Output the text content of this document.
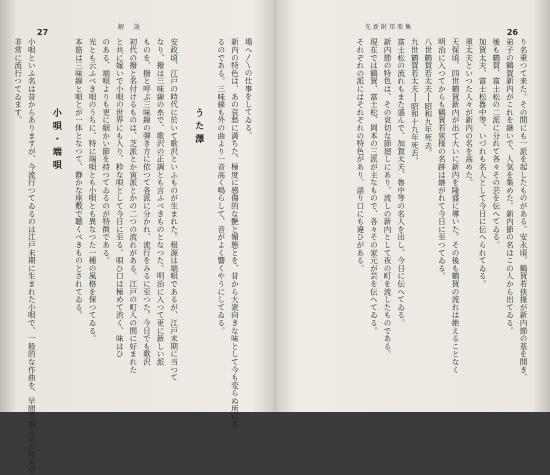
27
解　説
場へ〳〵の仕事をしてゐる。
新内の特色は、あの哀愁に満ちた、極度に感傷的な艶と媚態とを、昔から大衆向きな味として今も変らぬ所にあ
るのである。三味線も外の曲より一音高く鳴らして、音がよく響くやうにしてゐる。
うた澤
安政頃、江戸の時代に於いて歌沢といふものが生まれた。根源は端唄であるが、江戸末期に当つて
なり、撥は三味線の糸で、歌沢の正調とも言ふべきものとなつた。明治に入つて更に新しい派
ものを、撥と呼ぶ三味線の弾き方に依つて各派に分かれ、流行をみるに至つた。今日でも歌沢
初代の撥と名付けるものは、芝派とか寅派とかの二つの流れがある。江戸の町人の間に好まれた
と共に嫁いで小唄の世界にも入り、粋な唄として今日に至る。唄ひ口は極めて渋く、味はひ
のある、端唄よりも更に細かい節を持つてゐるのが特徴である。
光とも云ふべき唄のうちに、特に端唄とも小唄とも異なつた一種の風格を保つてゐる。
本筋は三味線と唄とが一体となつて、静かな座敷で聴くべきものとされてゐる。
小唄・端唄
小唄といふ名は昔からありますが、今流行つてゐるのは江戸末期に生まれた小唄で、一般的な作曲を、早間で唄ふのが特色で
非常に流行つてゐます。
26
先新附邦楽集
り名乗つて来た。その間にも一派を起したものがある。安永頃、鶴賀若狭掾が新内節の基を開き、
弟子の鶴賀新内がこれを継いで、人気を集めた。新内節の名はこの人から出てゐる。
後も鶴賀、富士松の二派に分れて各々その芸を伝へてゐる。
加賀太夫、富士松魯中等、いづれも名人として今日に伝へられてゐる。
重太夫といつた人々が新内の名を高めた。
天保頃、四世鶴賀新内が出て大いに新内を隆盛に導いた。その後も鶴賀の流れは絶えることなく
明治に入つてからも鶴賀若狭掾の名跡は継がれて今日に至つてゐる。
八世鶴賀若太夫──昭和九年死去。
九世鶴賀若太夫──昭和十九年死去。
富士松の流れもまた盛んで、加賀太夫、魯中等の名人を出し、今日に伝へてゐる。
新内節の特色は、その哀切な節廻しにあり、流しの新内として夜の町を流したものである。
現在では鶴賀、富士松、岡本の三派が主なもので、各々その家元が芸を伝へてゐる。
それぞれの派にはそれぞれの特色があり、語り口にも違ひがある。
